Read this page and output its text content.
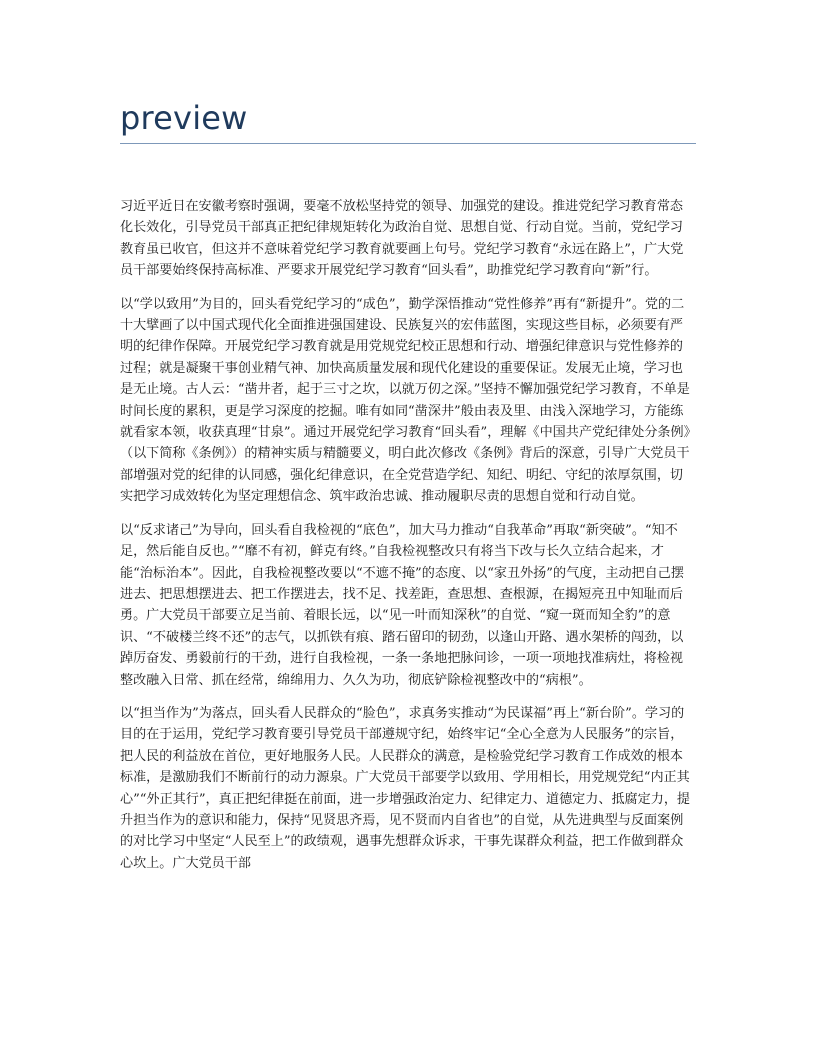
preview

习近平近日在安徽考察时强调，要毫不放松坚持党的领导、加强党的建设。推进党纪学习教育常态化长效化，引导党员干部真正把纪律规矩转化为政治自觉、思想自觉、行动自觉。当前，党纪学习教育虽已收官，但这并不意味着党纪学习教育就要画上句号。党纪学习教育“永远在路上”，广大党员干部要始终保持高标准、严要求开展党纪学习教育“回头看”，助推党纪学习教育向“新”行。

以“学以致用”为目的，回头看党纪学习的“成色”，勤学深悟推动“党性修养”再有“新提升”。党的二十大擘画了以中国式现代化全面推进强国建设、民族复兴的宏伟蓝图，实现这些目标，必须要有严明的纪律作保障。开展党纪学习教育就是用党规党纪校正思想和行动、增强纪律意识与党性修养的过程；就是凝聚干事创业精气神、加快高质量发展和现代化建设的重要保证。发展无止境，学习也是无止境。古人云：“凿井者，起于三寸之坎，以就万仞之深。”坚持不懈加强党纪学习教育，不单是时间长度的累积，更是学习深度的挖掘。唯有如同“凿深井”般由表及里、由浅入深地学习，方能练就看家本领，收获真理“甘泉”。通过开展党纪学习教育“回头看”，理解《中国共产党纪律处分条例》（以下简称《条例》）的精神实质与精髓要义，明白此次修改《条例》背后的深意，引导广大党员干部增强对党的纪律的认同感，强化纪律意识，在全党营造学纪、知纪、明纪、守纪的浓厚氛围，切实把学习成效转化为坚定理想信念、筑牢政治忠诚、推动履职尽责的思想自觉和行动自觉。

以“反求诸己”为导向，回头看自我检视的“底色”，加大马力推动“自我革命”再取“新突破”。“知不足，然后能自反也。”“靡不有初，鲜克有终。”自我检视整改只有将当下改与长久立结合起来，才能“治标治本”。因此，自我检视整改要以“不遮不掩”的态度、以“家丑外扬”的气度，主动把自己摆进去、把思想摆进去、把工作摆进去，找不足、找差距，查思想、查根源，在揭短亮丑中知耻而后勇。广大党员干部要立足当前、着眼长远，以“见一叶而知深秋”的自觉、“窥一斑而知全豹”的意识、“不破楼兰终不还”的志气，以抓铁有痕、踏石留印的韧劲，以逢山开路、遇水架桥的闯劲，以踔厉奋发、勇毅前行的干劲，进行自我检视，一条一条地把脉问诊，一项一项地找准病灶，将检视整改融入日常、抓在经常，绵绵用力、久久为功，彻底铲除检视整改中的“病根”。

以“担当作为”为落点，回头看人民群众的“脸色”，求真务实推动“为民谋福”再上“新台阶”。学习的目的在于运用，党纪学习教育要引导党员干部遵规守纪，始终牢记“全心全意为人民服务”的宗旨，把人民的利益放在首位，更好地服务人民。人民群众的满意，是检验党纪学习教育工作成效的根本标准，是激励我们不断前行的动力源泉。广大党员干部要学以致用、学用相长，用党规党纪“内正其心”“外正其行”，真正把纪律挺在前面，进一步增强政治定力、纪律定力、道德定力、抵腐定力，提升担当作为的意识和能力，保持“见贤思齐焉，见不贤而内自省也”的自觉，从先进典型与反面案例的对比学习中坚定“人民至上”的政绩观，遇事先想群众诉求，干事先谋群众利益，把工作做到群众心坎上。广大党员干部
